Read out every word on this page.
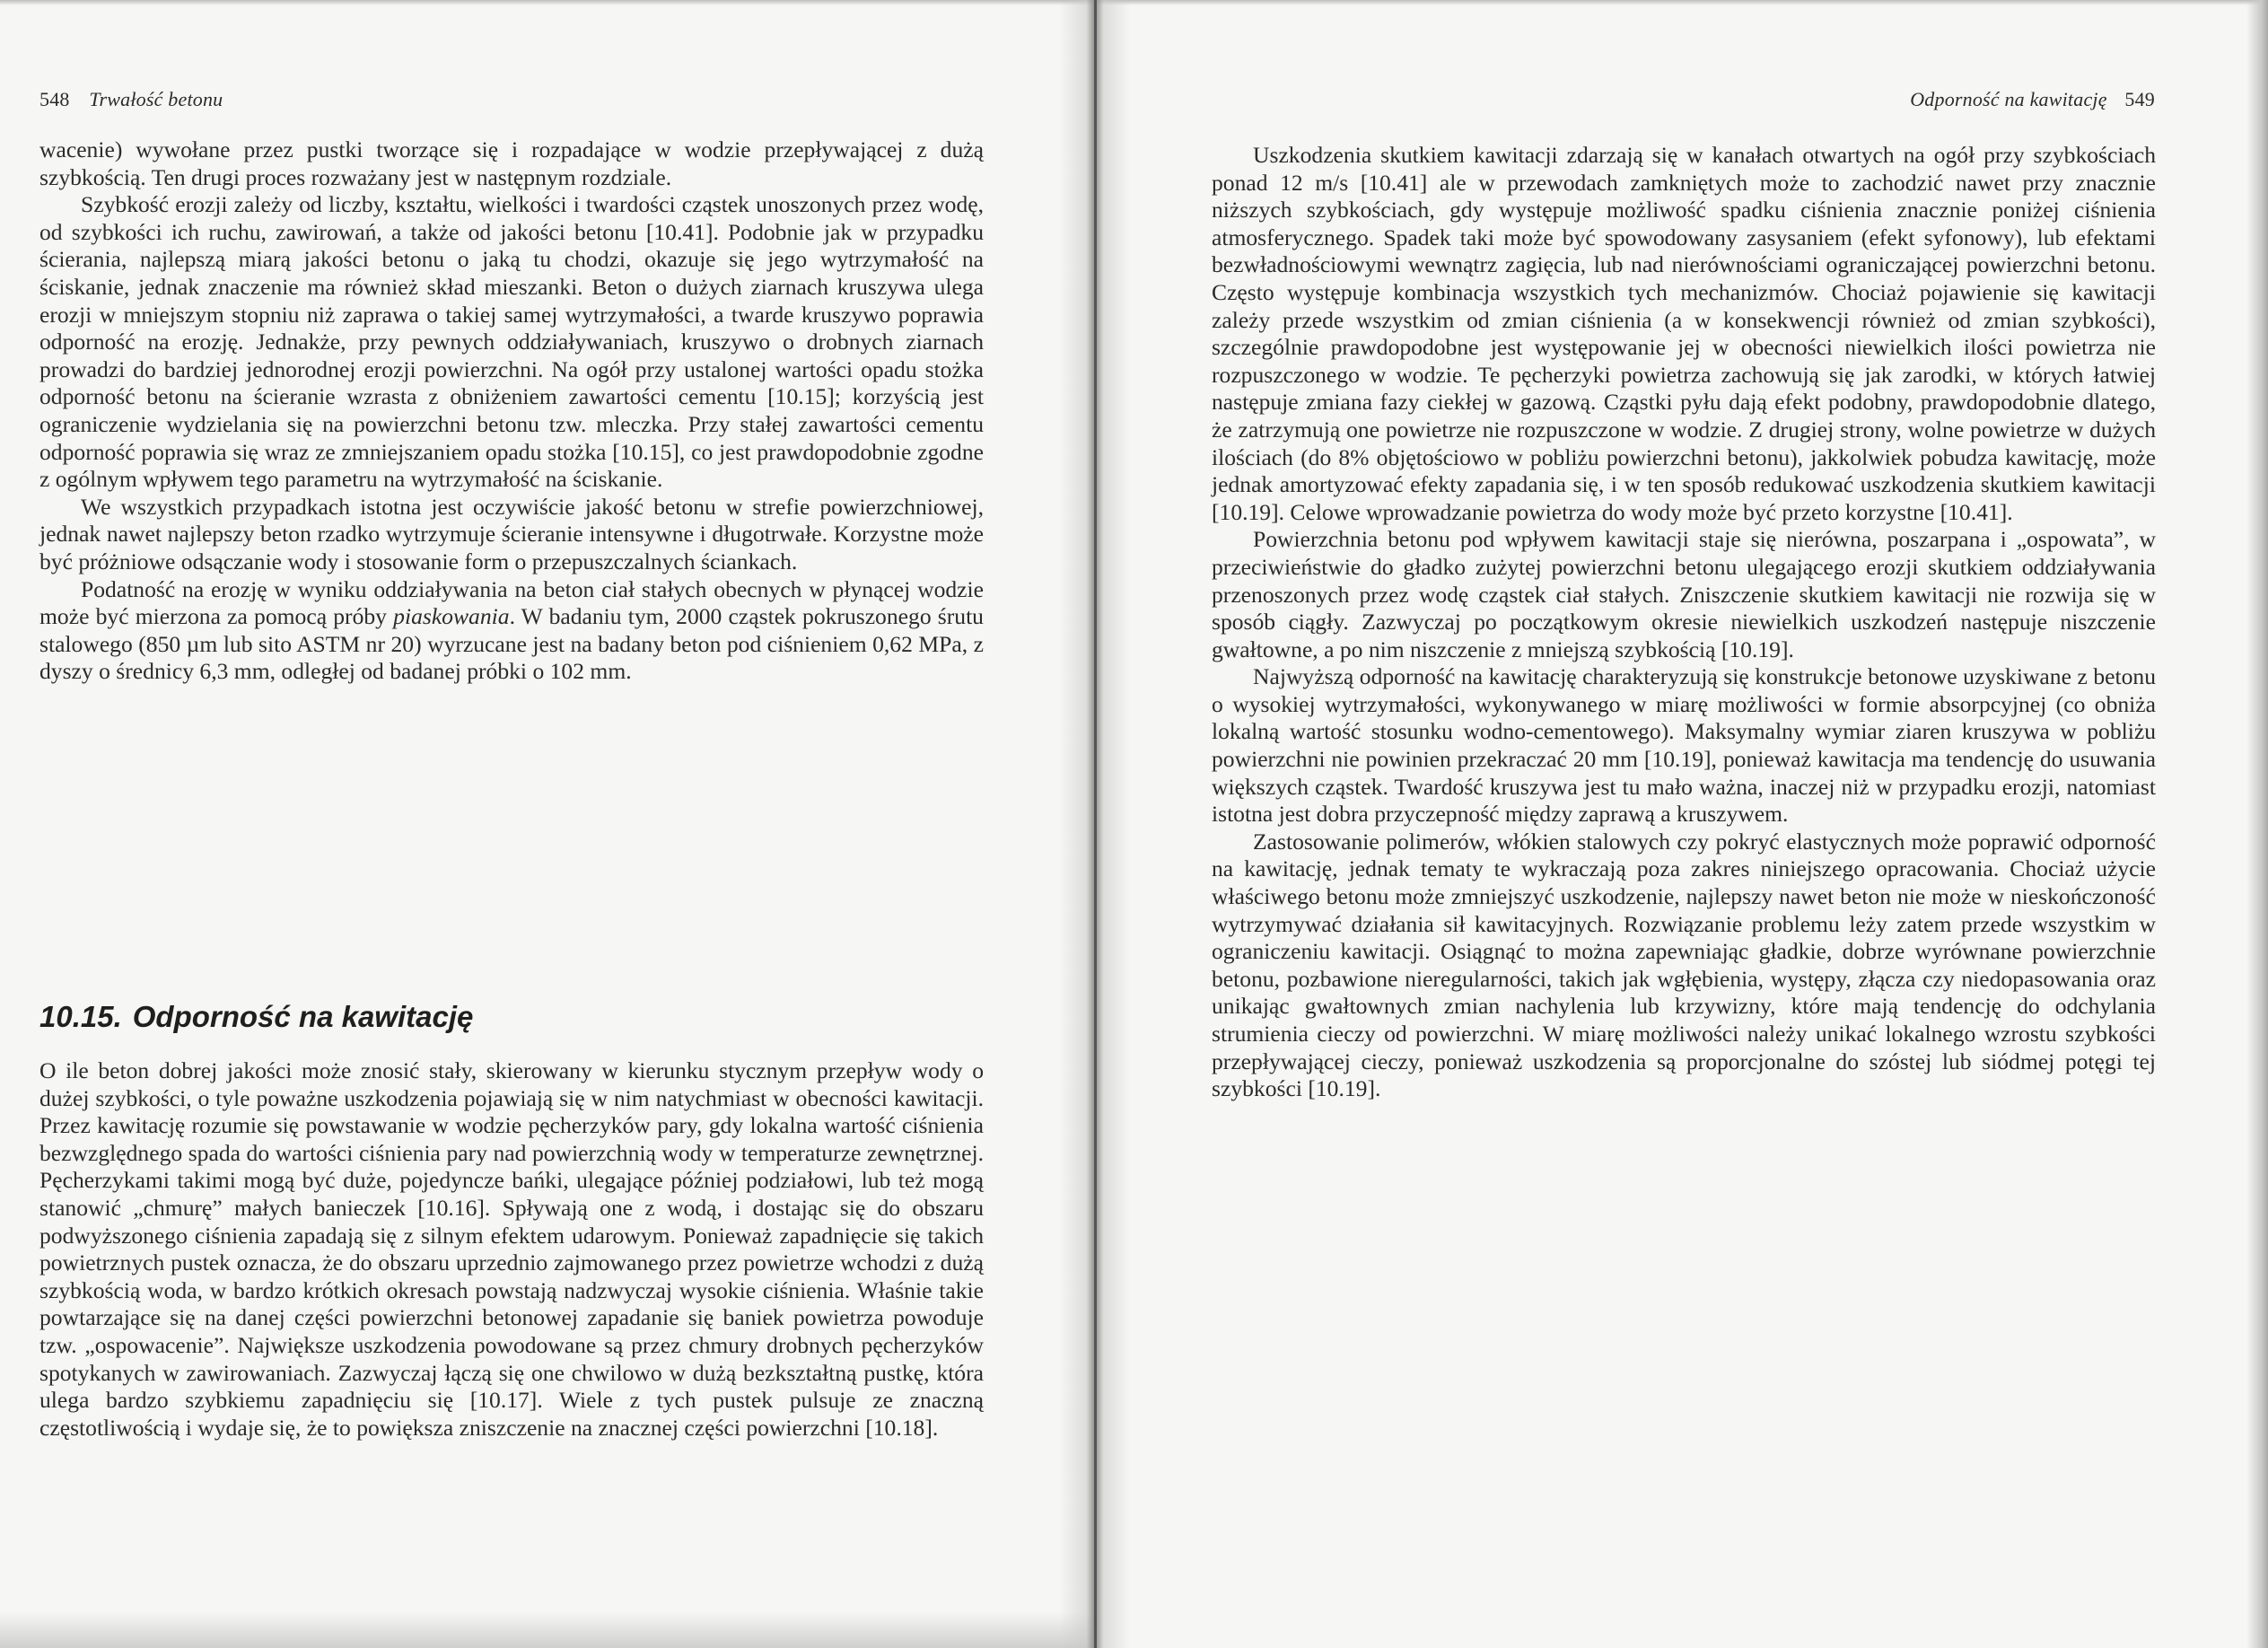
548 Trwałość betonu

wacenie) wywołane przez pustki tworzące się i rozpadające w wodzie przepływającej z dużą szybkością. Ten drugi proces rozważany jest w następnym rozdziale.

Szybkość erozji zależy od liczby, kształtu, wielkości i twardości cząstek unoszonych przez wodę, od szybkości ich ruchu, zawirowań, a także od jakości betonu [10.41]. Podobnie jak w przypadku ścierania, najlepszą miarą jakości betonu o jaką tu chodzi, okazuje się jego wytrzymałość na ściskanie, jednak znaczenie ma również skład mieszanki. Beton o dużych ziarnach kruszywa ulega erozji w mniejszym stopniu niż zaprawa o takiej samej wytrzymałości, a twarde kruszywo poprawia odporność na erozję. Jednakże, przy pewnych oddziaływaniach, kruszywo o drobnych ziarnach prowadzi do bardziej jednorodnej erozji powierzchni. Na ogół przy ustalonej wartości opadu stożka odporność betonu na ścieranie wzrasta z obniżeniem zawartości cementu [10.15]; korzyścią jest ograniczenie wydzielania się na powierzchni betonu tzw. mleczka. Przy stałej zawartości cementu odporność poprawia się wraz ze zmniejszaniem opadu stożka [10.15], co jest prawdopodobnie zgodne z ogólnym wpływem tego parametru na wytrzymałość na ściskanie.

We wszystkich przypadkach istotna jest oczywiście jakość betonu w strefie powierzchniowej, jednak nawet najlepszy beton rzadko wytrzymuje ścieranie intensywne i długotrwałe. Korzystne może być próżniowe odsączanie wody i stosowanie form o przepuszczalnych ściankach.

Podatność na erozję w wyniku oddziaływania na beton ciał stałych obecnych w płynącej wodzie może być mierzona za pomocą próby piaskowania. W badaniu tym, 2000 cząstek pokruszonego śrutu stalowego (850 µm lub sito ASTM nr 20) wyrzucane jest na badany beton pod ciśnieniem 0,62 MPa, z dyszy o średnicy 6,3 mm, odległej od badanej próbki o 102 mm.

10.15. Odporność na kawitację

O ile beton dobrej jakości może znosić stały, skierowany w kierunku stycznym przepływ wody o dużej szybkości, o tyle poważne uszkodzenia pojawiają się w nim natychmiast w obecności kawitacji. Przez kawitację rozumie się powstawanie w wodzie pęcherzyków pary, gdy lokalna wartość ciśnienia bezwzględnego spada do wartości ciśnienia pary nad powierzchnią wody w temperaturze zewnętrznej. Pęcherzykami takimi mogą być duże, pojedyncze bańki, ulegające później podziałowi, lub też mogą stanowić „chmurę” małych banieczek [10.16]. Spływają one z wodą, i dostając się do obszaru podwyższonego ciśnienia zapadają się z silnym efektem udarowym. Ponieważ zapadnięcie się takich powietrznych pustek oznacza, że do obszaru uprzednio zajmowanego przez powietrze wchodzi z dużą szybkością woda, w bardzo krótkich okresach powstają nadzwyczaj wysokie ciśnienia. Właśnie takie powtarzające się na danej części powierzchni betonowej zapadanie się baniek powietrza powoduje tzw. „ospowacenie”. Największe uszkodzenia powodowane są przez chmury drobnych pęcherzyków spotykanych w zawirowaniach. Zazwyczaj łączą się one chwilowo w dużą bezkształtną pustkę, która ulega bardzo szybkiemu zapadnięciu się [10.17]. Wiele z tych pustek pulsuje ze znaczną częstotliwością i wydaje się, że to powiększa zniszczenie na znacznej części powierzchni [10.18].

Odporność na kawitację 549

Uszkodzenia skutkiem kawitacji zdarzają się w kanałach otwartych na ogół przy szybkościach ponad 12 m/s [10.41] ale w przewodach zamkniętych może to zachodzić nawet przy znacznie niższych szybkościach, gdy występuje możliwość spadku ciśnienia znacznie poniżej ciśnienia atmosferycznego. Spadek taki może być spowodowany zasysaniem (efekt syfonowy), lub efektami bezwładnościowymi wewnątrz zagięcia, lub nad nierównościami ograniczającej powierzchni betonu. Często występuje kombinacja wszystkich tych mechanizmów. Chociaż pojawienie się kawitacji zależy przede wszystkim od zmian ciśnienia (a w konsekwencji również od zmian szybkości), szczególnie prawdopodobne jest występowanie jej w obecności niewielkich ilości powietrza nie rozpuszczonego w wodzie. Te pęcherzyki powietrza zachowują się jak zarodki, w których łatwiej następuje zmiana fazy ciekłej w gazową. Cząstki pyłu dają efekt podobny, prawdopodobnie dlatego, że zatrzymują one powietrze nie rozpuszczone w wodzie. Z drugiej strony, wolne powietrze w dużych ilościach (do 8% objętościowo w pobliżu powierzchni betonu), jakkolwiek pobudza kawitację, może jednak amortyzować efekty zapadania się, i w ten sposób redukować uszkodzenia skutkiem kawitacji [10.19]. Celowe wprowadzanie powietrza do wody może być przeto korzystne [10.41].

Powierzchnia betonu pod wpływem kawitacji staje się nierówna, poszarpana i „ospowata”, w przeciwieństwie do gładko zużytej powierzchni betonu ulegającego erozji skutkiem oddziaływania przenoszonych przez wodę cząstek ciał stałych. Zniszczenie skutkiem kawitacji nie rozwija się w sposób ciągły. Zazwyczaj po początkowym okresie niewielkich uszkodzeń następuje niszczenie gwałtowne, a po nim niszczenie z mniejszą szybkością [10.19].

Najwyższą odporność na kawitację charakteryzują się konstrukcje betonowe uzyskiwane z betonu o wysokiej wytrzymałości, wykonywanego w miarę możliwości w formie absorpcyjnej (co obniża lokalną wartość stosunku wodno-cementowego). Maksymalny wymiar ziaren kruszywa w pobliżu powierzchni nie powinien przekraczać 20 mm [10.19], ponieważ kawitacja ma tendencję do usuwania większych cząstek. Twardość kruszywa jest tu mało ważna, inaczej niż w przypadku erozji, natomiast istotna jest dobra przyczepność między zaprawą a kruszywem.

Zastosowanie polimerów, włókien stalowych czy pokryć elastycznych może poprawić odporność na kawitację, jednak tematy te wykraczają poza zakres niniejszego opracowania. Chociaż użycie właściwego betonu może zmniejszyć uszkodzenie, najlepszy nawet beton nie może w nieskończoność wytrzymywać działania sił kawitacyjnych. Rozwiązanie problemu leży zatem przede wszystkim w ograniczeniu kawitacji. Osiągnąć to można zapewniając gładkie, dobrze wyrównane powierzchnie betonu, pozbawione nieregularności, takich jak wgłębienia, występy, złącza czy niedopasowania oraz unikając gwałtownych zmian nachylenia lub krzywizny, które mają tendencję do odchylania strumienia cieczy od powierzchni. W miarę możliwości należy unikać lokalnego wzrostu szybkości przepływającej cieczy, ponieważ uszkodzenia są proporcjonalne do szóstej lub siódmej potęgi tej szybkości [10.19].
